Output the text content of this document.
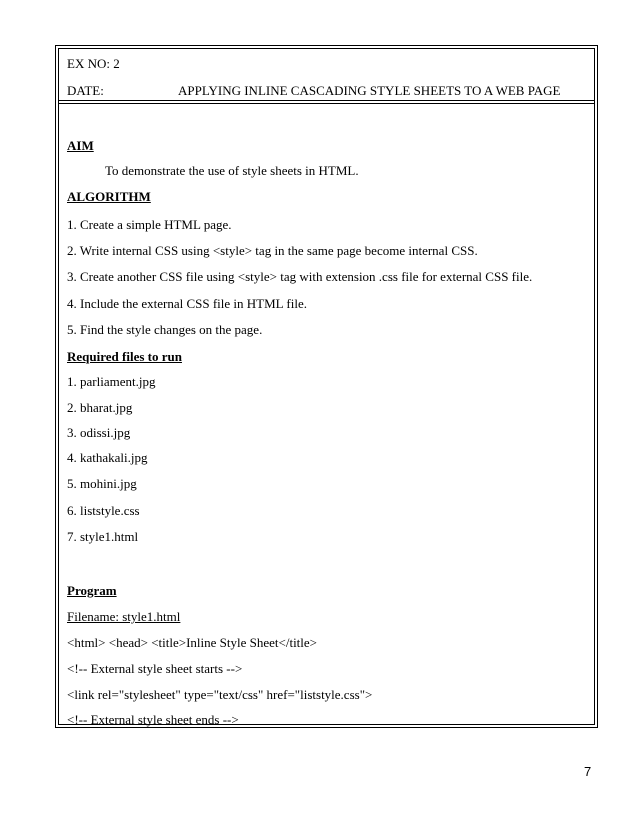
EX NO: 2
DATE:	APPLYING INLINE CASCADING STYLE SHEETS TO A WEB PAGE
AIM
To demonstrate the use of style sheets in HTML.
ALGORITHM
1. Create a simple HTML page.
2. Write internal CSS using <style> tag in the same page become internal CSS.
3. Create another CSS file using <style> tag with extension .css file for external CSS file.
4. Include the external CSS file in HTML file.
5. Find the style changes on the page.
Required files to run
1. parliament.jpg
2. bharat.jpg
3. odissi.jpg
4. kathakali.jpg
5. mohini.jpg
6. liststyle.css
7. style1.html
Program
Filename: style1.html
<html> <head> <title>Inline Style Sheet</title>
<!-- External style sheet starts -->
<link rel="stylesheet" type="text/css" href="liststyle.css">
<!-- External style sheet ends -->
7
